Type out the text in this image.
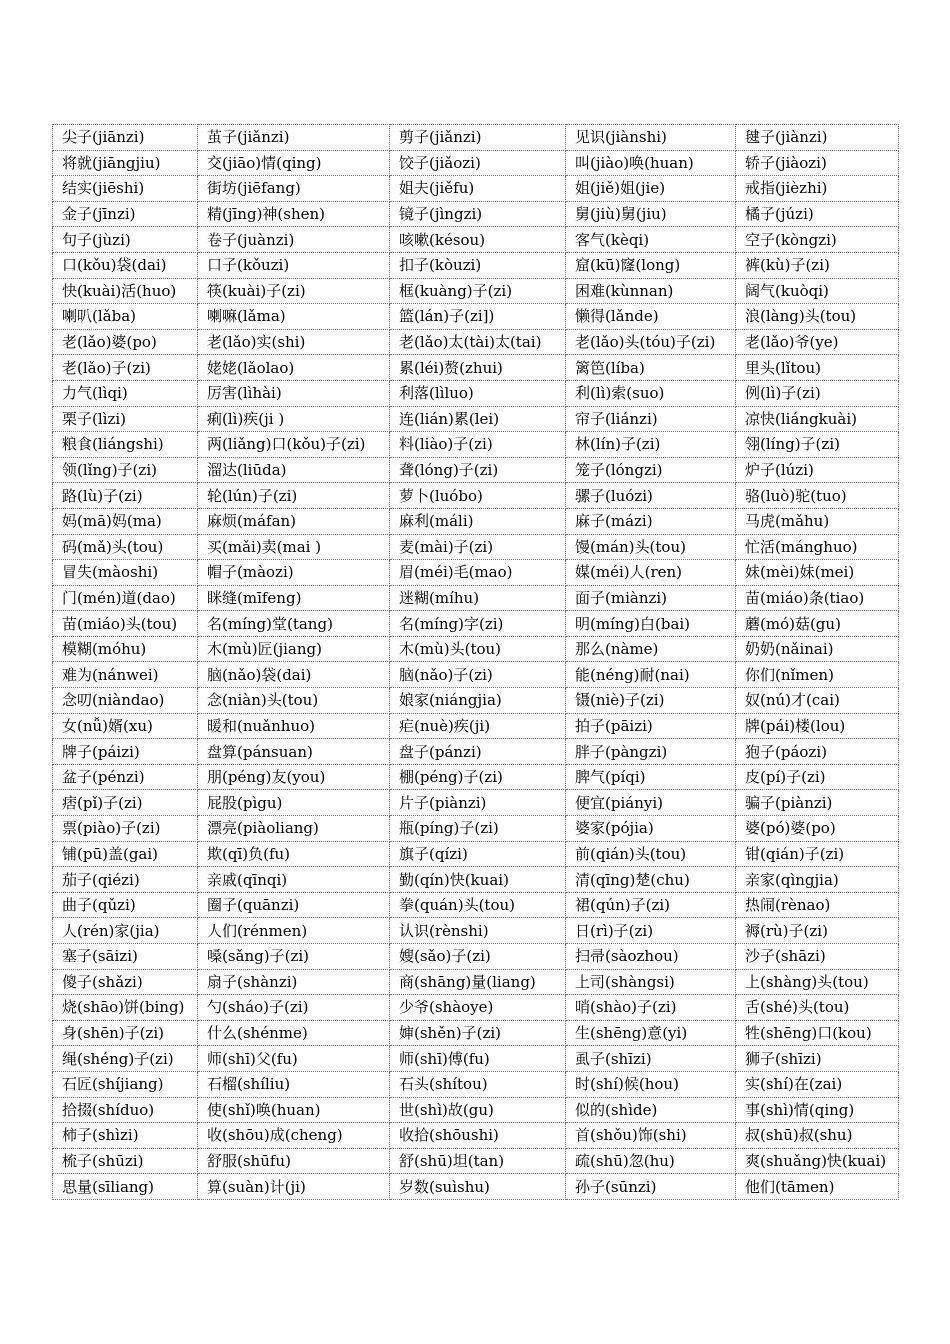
尖子(jiānzi)	茧子(jiǎnzi)	剪子(jiǎnzi)	见识(jiànshi)	毽子(jiànzi)
将就(jiāngjiu)	交(jiāo)情(qing)	饺子(jiǎozi)	叫(jiào)唤(huan)	轿子(jiàozi)
结实(jiēshi)	街坊(jiēfang)	姐夫(jiěfu)	姐(jiě)姐(jie)	戒指(jièzhi)
金子(jīnzi)	精(jīng)神(shen)	镜子(jìngzi)	舅(jiù)舅(jiu)	橘子(júzi)
句子(jùzi)	卷子(juànzi)	咳嗽(késou)	客气(kèqi)	空子(kòngzi)
口(kǒu)袋(dai)	口子(kǒuzi)	扣子(kòuzi)	窟(kū)窿(long)	裤(kù)子(zi)
快(kuài)活(huo)	筷(kuài)子(zi)	框(kuàng)子(zi)	困难(kùnnan)	阔气(kuòqi)
喇叭(lǎba)	喇嘛(lǎma)	篮(lán)子(zi])	懒得(lǎnde)	浪(làng)头(tou)
老(lǎo)婆(po)	老(lǎo)实(shi)	老(lǎo)太(tài)太(tai)	老(lǎo)头(tóu)子(zi)	老(lǎo)爷(ye)
老(lǎo)子(zi)	姥姥(lǎolao)	累(léi)赘(zhui)	篱笆(líba)	里头(lǐtou)
力气(lìqi)	厉害(lìhài)	利落(lìluo)	利(lì)索(suo)	例(lì)子(zi)
栗子(lìzi)	痢(lì)疾(ji )	连(lián)累(lei)	帘子(liánzi)	凉快(liángkuài)
粮食(liángshi)	两(liǎng)口(kǒu)子(zi)	料(liào)子(zi)	林(lín)子(zi)	翎(líng)子(zi)
领(lǐng)子(zi)	溜达(liūda)	聋(lóng)子(zi)	笼子(lóngzi)	炉子(lúzi)
路(lù)子(zi)	轮(lún)子(zi)	萝卜(luóbo)	骡子(luózi)	骆(luò)驼(tuo)
妈(mā)妈(ma)	麻烦(máfan)	麻利(máli)	麻子(mázi)	马虎(mǎhu)
码(mǎ)头(tou)	买(mǎi)卖(mai )	麦(mài)子(zi)	馒(mán)头(tou)	忙活(mánghuo)
冒失(màoshi)	帽子(màozi)	眉(méi)毛(mao)	媒(méi)人(ren)	妹(mèi)妹(mei)
门(mén)道(dao)	眯缝(mīfeng)	迷糊(míhu)	面子(miànzi)	苗(miáo)条(tiao)
苗(miáo)头(tou)	名(míng)堂(tang)	名(míng)字(zi)	明(míng)白(bai)	蘑(mó)菇(gu)
模糊(móhu)	木(mù)匠(jiang)	木(mù)头(tou)	那么(nàme)	奶奶(nǎinai)
难为(nánwei)	脑(nǎo)袋(dai)	脑(nǎo)子(zi)	能(néng)耐(nai)	你们(nǐmen)
念叨(niàndao)	念(niàn)头(tou)	娘家(niángjia)	镊(niè)子(zi)	奴(nú)才(cai)
女(nǚ)婿(xu)	暖和(nuǎnhuo)	疟(nuè)疾(ji)	拍子(pāizi)	牌(pái)楼(lou)
牌子(páizi)	盘算(pánsuan)	盘子(pánzi)	胖子(pàngzi)	狍子(páozi)
盆子(pénzi)	朋(péng)友(you)	棚(péng)子(zi)	脾气(píqi)	皮(pí)子(zi)
痞(pǐ)子(zi)	屁股(pìgu)	片子(piànzi)	便宜(piányi)	骗子(piànzi)
票(piào)子(zi)	漂亮(piàoliang)	瓶(píng)子(zi)	婆家(pójia)	婆(pó)婆(po)
铺(pū)盖(gai)	欺(qī)负(fu)	旗子(qízi)	前(qián)头(tou)	钳(qián)子(zi)
茄子(qiézi)	亲戚(qīnqi)	勤(qín)快(kuai)	清(qīng)楚(chu)	亲家(qìngjia)
曲子(qǔzi)	圈子(quānzi)	拳(quán)头(tou)	裙(qún)子(zi)	热闹(rènao)
人(rén)家(jia)	人们(rénmen)	认识(rènshi)	日(rì)子(zi)	褥(rù)子(zi)
塞子(sāizi)	嗓(sǎng)子(zi)	嫂(sǎo)子(zi)	扫帚(sàozhou)	沙子(shāzi)
傻子(shǎzi)	扇子(shànzi)	商(shāng)量(liang)	上司(shàngsi)	上(shàng)头(tou)
烧(shāo)饼(bing)	勺(sháo)子(zi)	少爷(shàoye)	哨(shào)子(zi)	舌(shé)头(tou)
身(shēn)子(zi)	什么(shénme)	婶(shěn)子(zi)	生(shēng)意(yi)	牲(shēng)口(kou)
绳(shéng)子(zi)	师(shī)父(fu)	师(shī)傅(fu)	虱子(shīzi)	狮子(shīzi)
石匠(shíjiang)	石榴(shíliu)	石头(shítou)	时(shí)候(hou)	实(shí)在(zai)
拾掇(shíduo)	使(shǐ)唤(huan)	世(shì)故(gu)	似的(shìde)	事(shì)情(qing)
柿子(shìzi)	收(shōu)成(cheng)	收拾(shōushi)	首(shǒu)饰(shi)	叔(shū)叔(shu)
梳子(shūzi)	舒服(shūfu)	舒(shū)坦(tan)	疏(shū)忽(hu)	爽(shuǎng)快(kuai)
思量(sīliang)	算(suàn)计(ji)	岁数(suìshu)	孙子(sūnzi)	他们(tāmen)
